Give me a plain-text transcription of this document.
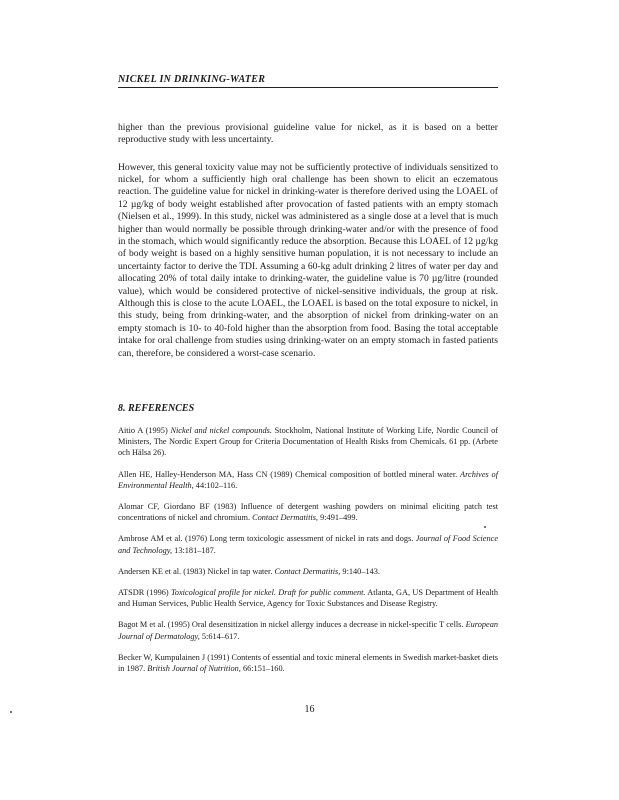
NICKEL IN DRINKING-WATER

higher than the previous provisional guideline value for nickel, as it is based on a better reproductive study with less uncertainty.

However, this general toxicity value may not be sufficiently protective of individuals sensitized to nickel, for whom a sufficiently high oral challenge has been shown to elicit an eczematous reaction. The guideline value for nickel in drinking-water is therefore derived using the LOAEL of 12 µg/kg of body weight established after provocation of fasted patients with an empty stomach (Nielsen et al., 1999). In this study, nickel was administered as a single dose at a level that is much higher than would normally be possible through drinking-water and/or with the presence of food in the stomach, which would significantly reduce the absorption. Because this LOAEL of 12 µg/kg of body weight is based on a highly sensitive human population, it is not necessary to include an uncertainty factor to derive the TDI. Assuming a 60-kg adult drinking 2 litres of water per day and allocating 20% of total daily intake to drinking-water, the guideline value is 70 µg/litre (rounded value), which would be considered protective of nickel-sensitive individuals, the group at risk. Although this is close to the acute LOAEL, the LOAEL is based on the total exposure to nickel, in this study, being from drinking-water, and the absorption of nickel from drinking-water on an empty stomach is 10- to 40-fold higher than the absorption from food. Basing the total acceptable intake for oral challenge from studies using drinking-water on an empty stomach in fasted patients can, therefore, be considered a worst-case scenario.

8. REFERENCES

Aitio A (1995) Nickel and nickel compounds. Stockholm, National Institute of Working Life, Nordic Council of Ministers, The Nordic Expert Group for Criteria Documentation of Health Risks from Chemicals. 61 pp. (Arbete och Hälsa 26).

Allen HE, Halley-Henderson MA, Hass CN (1989) Chemical composition of bottled mineral water. Archives of Environmental Health, 44:102–116.

Alomar CF, Giordano BF (1983) Influence of detergent washing powders on minimal eliciting patch test concentrations of nickel and chromium. Contact Dermatitis, 9:491–499.

Ambrose AM et al. (1976) Long term toxicologic assessment of nickel in rats and dogs. Journal of Food Science and Technology, 13:181–187.

Andersen KE et al. (1983) Nickel in tap water. Contact Dermatitis, 9:140–143.

ATSDR (1996) Toxicological profile for nickel. Draft for public comment. Atlanta, GA, US Department of Health and Human Services, Public Health Service, Agency for Toxic Substances and Disease Registry.

Bagot M et al. (1995) Oral desensitization in nickel allergy induces a decrease in nickel-specific T cells. European Journal of Dermatology, 5:614–617.

Becker W, Kumpulainen J (1991) Contents of essential and toxic mineral elements in Swedish market-basket diets in 1987. British Journal of Nutrition, 66:151–160.

16
